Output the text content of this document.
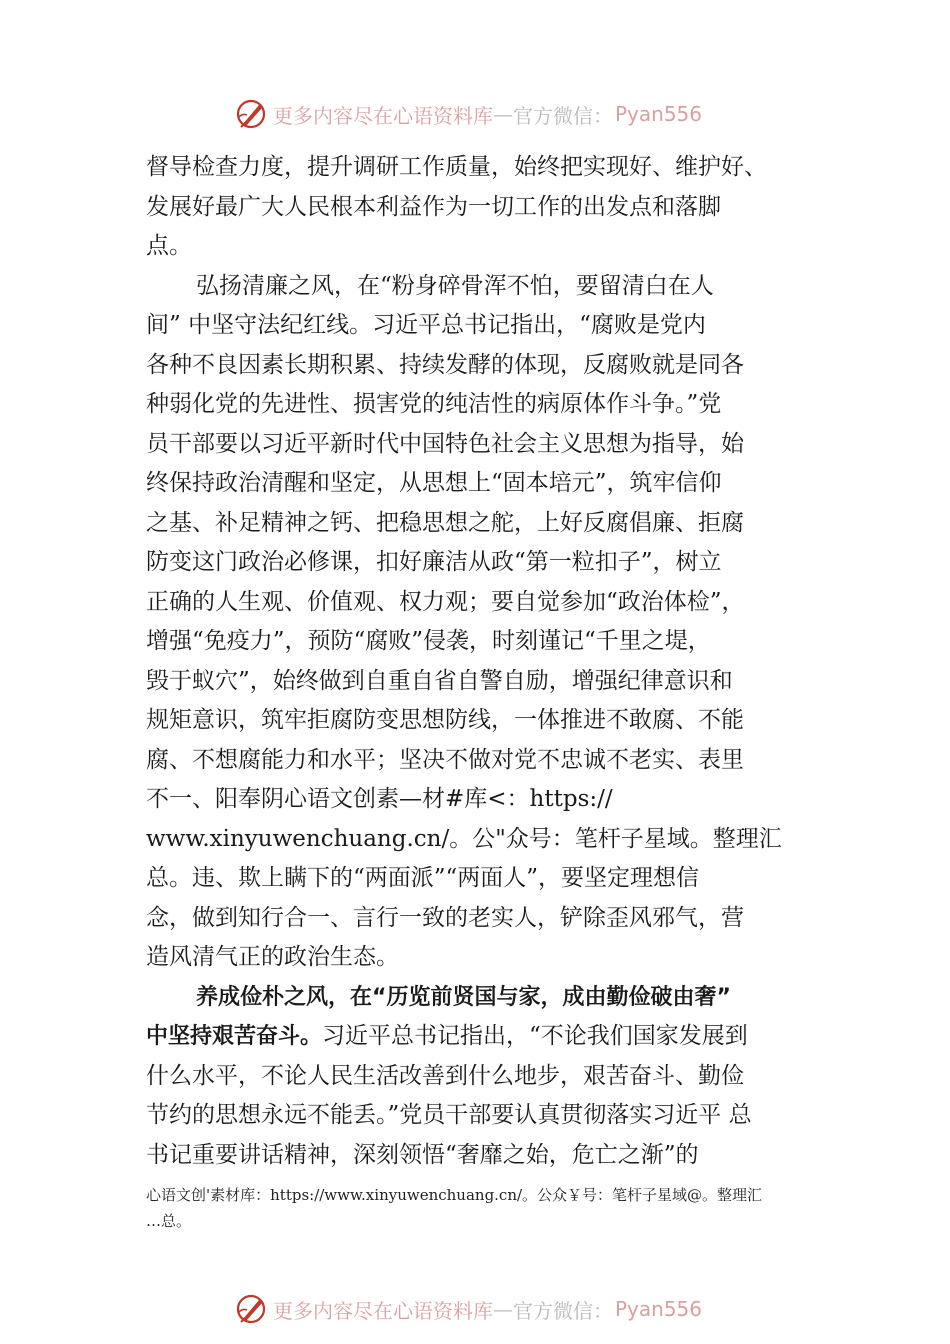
更多内容尽在心语资料库 — 官方微信： Pyan556
督导检查力度，提升调研工作质量，始终把实现好、维护好、
发展好最广大人民根本利益作为一切工作的出发点和落脚
点。
弘扬清廉之风，在“粉身碎骨浑不怕，要留清白在人
间” 中坚守法纪红线。习近平总书记指出，“腐败是党内
各种不良因素长期积累、持续发酵的体现，反腐败就是同各
种弱化党的先进性、损害党的纯洁性的病原体作斗争。”党
员干部要以习近平新时代中国特色社会主义思想为指导，始
终保持政治清醒和坚定，从思想上“固本培元”，筑牢信仰
之基、补足精神之钙、把稳思想之舵，上好反腐倡廉、拒腐
防变这门政治必修课，扣好廉洁从政“第一粒扣子”，树立
正确的人生观、价值观、权力观；要自觉参加“政治体检”，
增强“免疫力”，预防“腐败”侵袭，时刻谨记“千里之堤，
毁于蚁穴”，始终做到自重自省自警自励，增强纪律意识和
规矩意识，筑牢拒腐防变思想防线，一体推进不敢腐、不能
腐、不想腐能力和水平；坚决不做对党不忠诚不老实、表里
不一、阳奉阴心语文创素—材#库<：https://
www.xinyuwenchuang.cn/。公"众号：笔杆子星域。整理汇
总。违、欺上瞒下的“两面派”“两面人”，要坚定理想信
念，做到知行合一、言行一致的老实人，铲除歪风邪气，营
造风清气正的政治生态。
养成俭朴之风，在“历览前贤国与家，成由勤俭破由奢”
中坚持艰苦奋斗。习近平总书记指出，“不论我们国家发展到
什么水平，不论人民生活改善到什么地步，艰苦奋斗、勤俭
节约的思想永远不能丢。”党员干部要认真贯彻落实习近平 总
书记重要讲话精神，深刻领悟“奢靡之始，危亡之渐”的
心语文创'素材库：https://www.xinyuwenchuang.cn/。公众￥号：笔杆子星域@。整理汇
…总。
更多内容尽在心语资料库 — 官方微信： Pyan556
